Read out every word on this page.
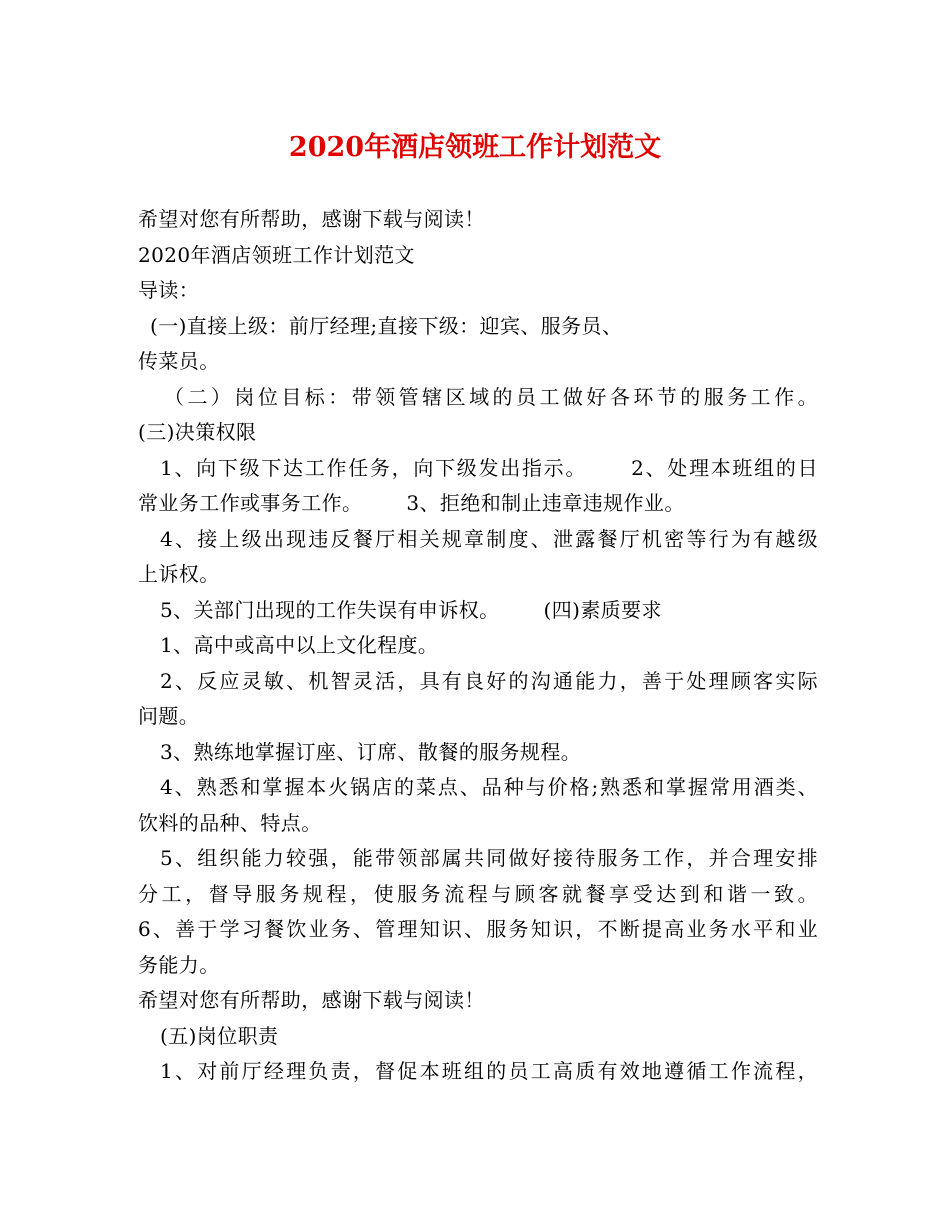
2020年酒店领班工作计划范文
希望对您有所帮助，感谢下载与阅读！
2020年酒店领班工作计划范文
导读：
(一)直接上级：前厅经理;直接下级：迎宾、服务员、
传菜员。
（二）岗位目标：带领管辖区域的员工做好各环节的服务工作。
(三)决策权限
1、向下级下达工作任务，向下级发出指示。 2、处理本班组的日
常业务工作或事务工作。 3、拒绝和制止违章违规作业。
4、接上级出现违反餐厅相关规章制度、泄露餐厅机密等行为有越级
上诉权。
5、关部门出现的工作失误有申诉权。 (四)素质要求
1、高中或高中以上文化程度。
2、反应灵敏、机智灵活，具有良好的沟通能力，善于处理顾客实际
问题。
3、熟练地掌握订座、订席、散餐的服务规程。
4、熟悉和掌握本火锅店的菜点、品种与价格;熟悉和掌握常用酒类、
饮料的品种、特点。
5、组织能力较强，能带领部属共同做好接待服务工作，并合理安排
分工，督导服务规程，使服务流程与顾客就餐享受达到和谐一致。
6、善于学习餐饮业务、管理知识、服务知识，不断提高业务水平和业
务能力。
希望对您有所帮助，感谢下载与阅读！
(五)岗位职责
1、对前厅经理负责，督促本班组的员工高质有效地遵循工作流程，
